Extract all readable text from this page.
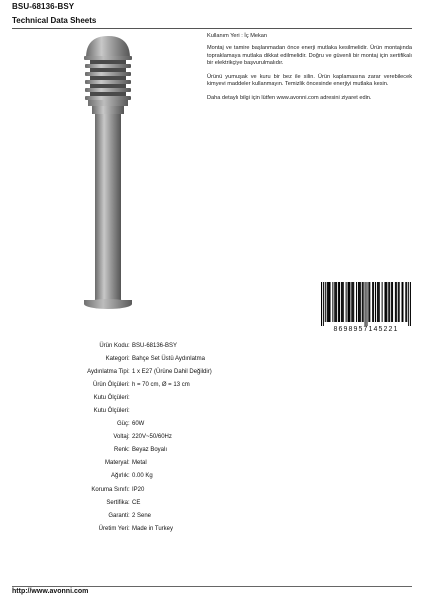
BSU-68136-BSY
Technical Data Sheets

Kullanım Yeri : İç Mekan

Montaj ve tamire başlanmadan önce enerji mutlaka kesilmelidir. Ürün montajında topraklamaya mutlaka dikkat edilmelidir. Doğru ve güvenli bir montaj için sertifikalı bir elektrikçiye başvurulmalıdır.

Ürünü yumuşak ve kuru bir bez ile silin. Ürün kaplamasına zarar verebilecek kimyevi maddeler kullanmayın. Temizlik öncesinde enerjiyi mutlaka kesin.

Daha detaylı bilgi için lütfen www.avonni.com adresini ziyaret edin.

8698957145221
Ürün Kodu : BSU-68136-BSY
Kategori : Bahçe Set Üstü Aydınlatma
Aydınlatma Tipi : 1 x E27 (Ürüne Dahil Değildir)
Ürün Ölçüleri : h = 70 cm, Ø = 13 cm
Kutu Ölçüleri :
Kutu Ölçüleri :
Güç : 60W
Voltaj : 220V~50/60Hz
Renk : Beyaz Boyalı
Materyal : Metal
Ağırlık : 0.00 Kg
Koruma Sınıfı : IP20
Sertifika : CE
Garanti : 2 Sene
Üretim Yeri : Made in Turkey
http://www.avonni.com
